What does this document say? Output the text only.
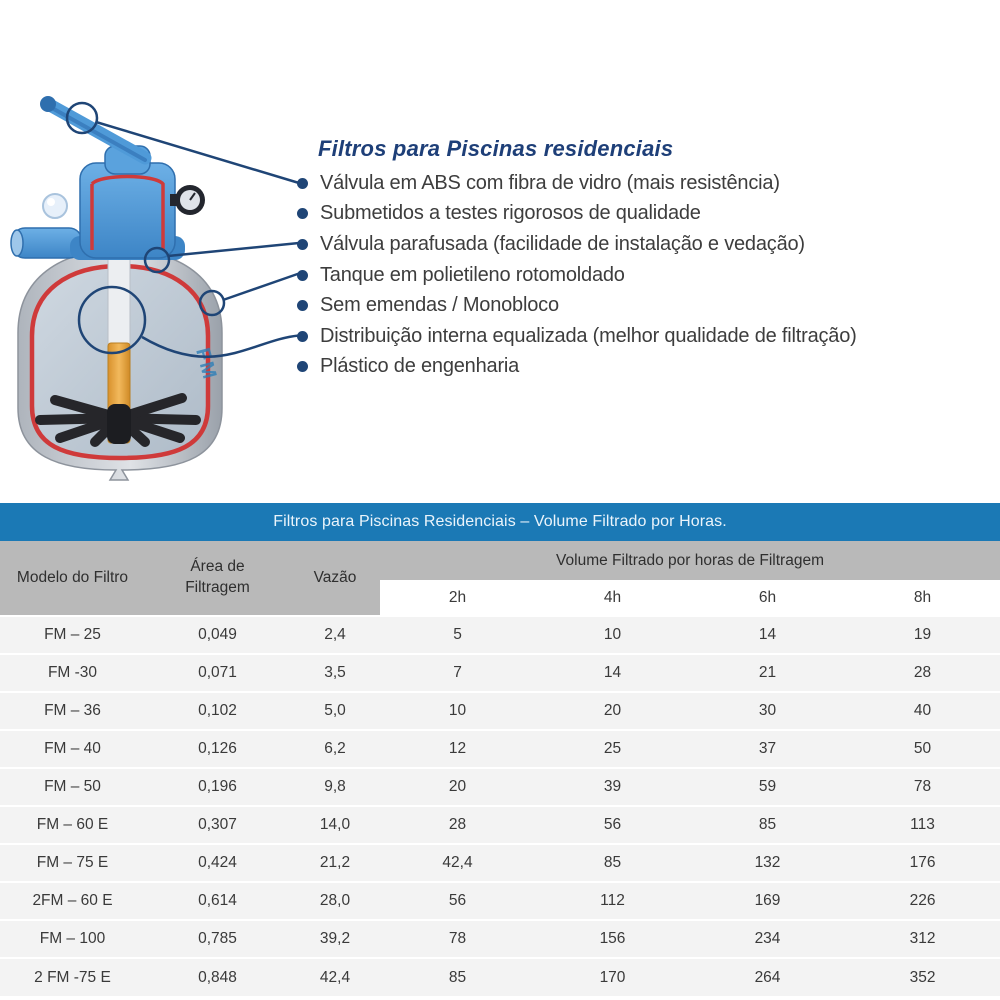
FM
Filtros para Piscinas residenciais
Válvula em ABS com fibra de vidro (mais resistência)
Submetidos a testes rigorosos de qualidade
Válvula parafusada (facilidade de instalação e vedação)
Tanque em polietileno rotomoldado
Sem emendas / Monobloco
Distribuição interna equalizada (melhor qualidade de filtração)
Plástico de engenharia
Filtros para Piscinas Residenciais – Volume Filtrado por Horas.						
Modelo do Filtro	Área de Filtragem	Vazão	Volume Filtrado por horas de Filtragem			
			2h	4h	6h	8h
FM – 25	0,049	2,4	5	10	14	19
FM -30	0,071	3,5	7	14	21	28
FM – 36	0,102	5,0	10	20	30	40
FM – 40	0,126	6,2	12	25	37	50
FM – 50	0,196	9,8	20	39	59	78
FM – 60 E	0,307	14,0	28	56	85	113
FM – 75 E	0,424	21,2	42,4	85	132	176
2FM – 60 E	0,614	28,0	56	112	169	226
FM – 100	0,785	39,2	78	156	234	312
2 FM -75 E	0,848	42,4	85	170	264	352
